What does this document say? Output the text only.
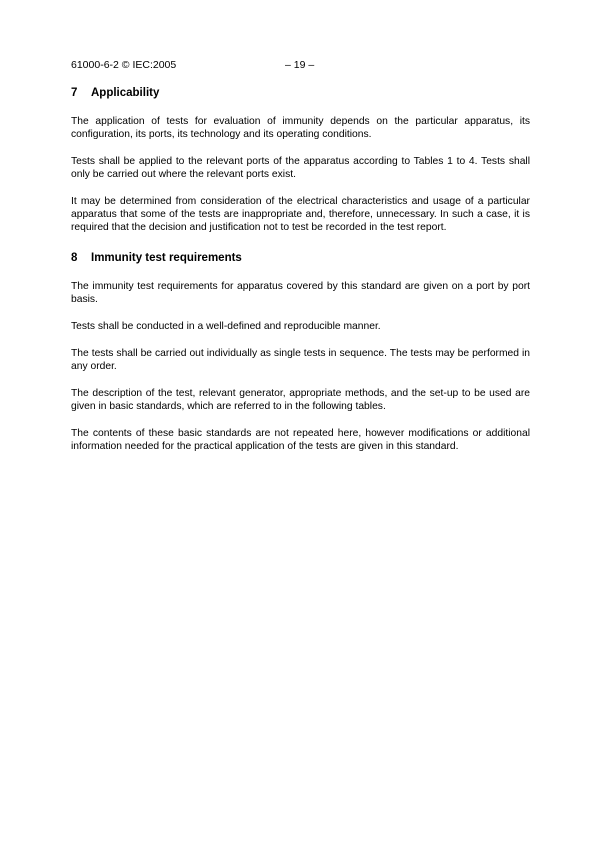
61000-6-2 © IEC:2005	– 19 –
7 Applicability

The application of tests for evaluation of immunity depends on the particular apparatus, its configuration, its ports, its technology and its operating conditions.

Tests shall be applied to the relevant ports of the apparatus according to Tables 1 to 4. Tests shall only be carried out where the relevant ports exist.

It may be determined from consideration of the electrical characteristics and usage of a particular apparatus that some of the tests are inappropriate and, therefore, unnecessary. In such a case, it is required that the decision and justification not to test be recorded in the test report.

8 Immunity test requirements

The immunity test requirements for apparatus covered by this standard are given on a port by port basis.

Tests shall be conducted in a well-defined and reproducible manner.

The tests shall be carried out individually as single tests in sequence. The tests may be performed in any order.

The description of the test, relevant generator, appropriate methods, and the set-up to be used are given in basic standards, which are referred to in the following tables.

The contents of these basic standards are not repeated here, however modifications or additional information needed for the practical application of the tests are given in this standard.
